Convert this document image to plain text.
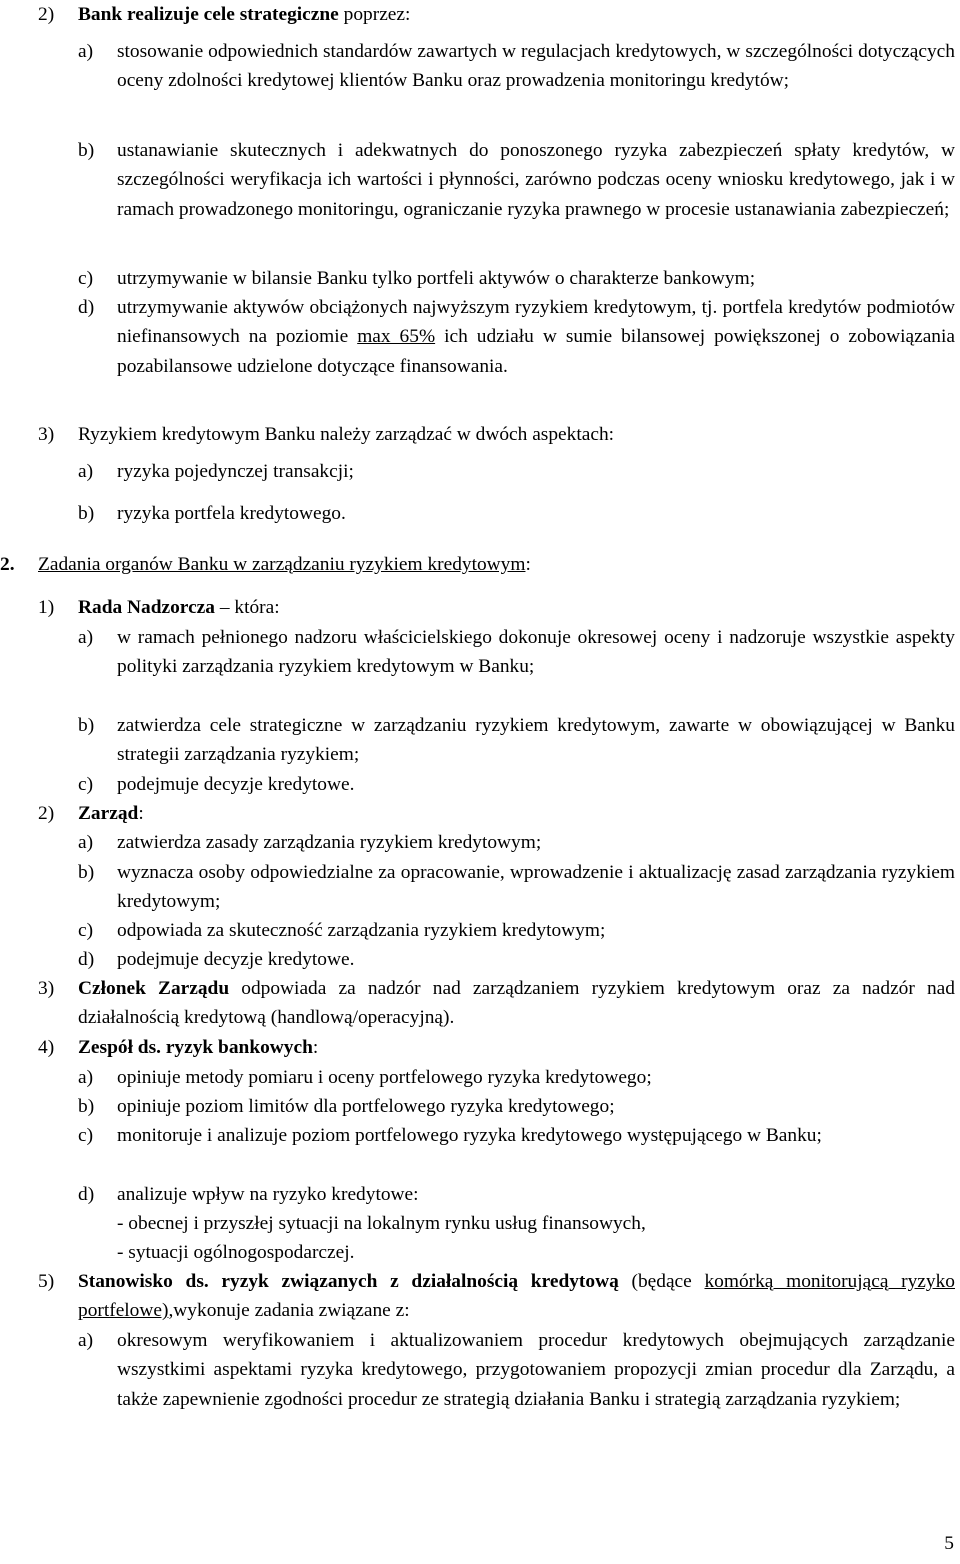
2) Bank realizuje cele strategiczne poprzez:
a) stosowanie odpowiednich standardów zawartych w regulacjach kredytowych, w szczególności dotyczących oceny zdolności kredytowej klientów Banku oraz prowadzenia monitoringu kredytów;
b) ustanawianie skutecznych i adekwatnych do ponoszonego ryzyka zabezpieczeń spłaty kredytów, w szczególności weryfikacja ich wartości i płynności, zarówno podczas oceny wniosku kredytowego, jak i w ramach prowadzonego monitoringu, ograniczanie ryzyka prawnego w procesie ustanawiania zabezpieczeń;
c) utrzymywanie w bilansie Banku tylko portfeli aktywów o charakterze bankowym;
d) utrzymywanie aktywów obciążonych najwyższym ryzykiem kredytowym, tj. portfela kredytów podmiotów niefinansowych na poziomie max 65% ich udziału w sumie bilansowej powiększonej o zobowiązania pozabilansowe udzielone dotyczące finansowania.
3) Ryzykiem kredytowym Banku należy zarządzać w dwóch aspektach:
a) ryzyka pojedynczej transakcji;
b) ryzyka portfela kredytowego.
2. Zadania organów Banku w zarządzaniu ryzykiem kredytowym:
1) Rada Nadzorcza – która:
a) w ramach pełnionego nadzoru właścicielskiego dokonuje okresowej oceny i nadzoruje wszystkie aspekty polityki zarządzania ryzykiem kredytowym w Banku;
b) zatwierdza cele strategiczne w zarządzaniu ryzykiem kredytowym, zawarte w obowiązującej w Banku strategii zarządzania ryzykiem;
c) podejmuje decyzje kredytowe.
2) Zarząd:
a) zatwierdza zasady zarządzania ryzykiem kredytowym;
b) wyznacza osoby odpowiedzialne za opracowanie, wprowadzenie i aktualizację zasad zarządzania ryzykiem kredytowym;
c) odpowiada za skuteczność zarządzania ryzykiem kredytowym;
d) podejmuje decyzje kredytowe.
3) Członek Zarządu odpowiada za nadzór nad zarządzaniem ryzykiem kredytowym oraz za nadzór nad działalnością kredytową (handlową/operacyjną).
4) Zespół ds. ryzyk bankowych:
a) opiniuje metody pomiaru i oceny portfelowego ryzyka kredytowego;
b) opiniuje poziom limitów dla portfelowego ryzyka kredytowego;
c) monitoruje i analizuje poziom portfelowego ryzyka kredytowego występującego w Banku;
d) analizuje wpływ na ryzyko kredytowe:
- obecnej i przyszłej sytuacji na lokalnym rynku usług finansowych,
- sytuacji ogólnogospodarczej.
5) Stanowisko ds. ryzyk związanych z działalnością kredytową (będące komórką monitorującą ryzyko portfelowe),wykonuje zadania związane z:
a) okresowym weryfikowaniem i aktualizowaniem procedur kredytowych obejmujących zarządzanie wszystkimi aspektami ryzyka kredytowego, przygotowaniem propozycji zmian procedur dla Zarządu, a także zapewnienie zgodności procedur ze strategią działania Banku i strategią zarządzania ryzykiem;
5
